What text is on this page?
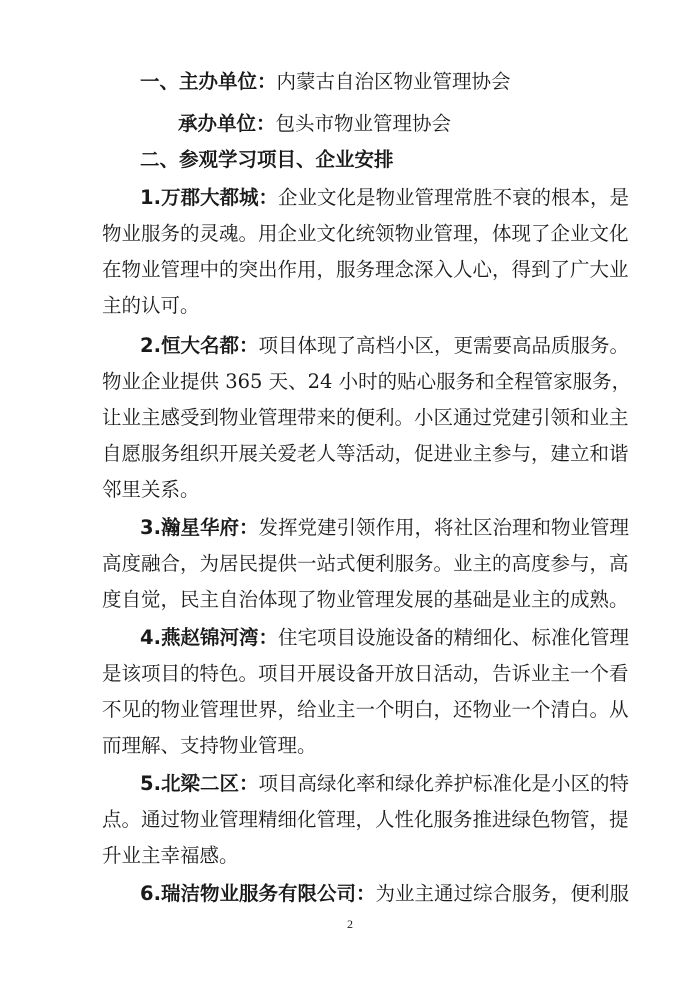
一、主办单位：内蒙古自治区物业管理协会
承办单位：包头市物业管理协会
二、参观学习项目、企业安排
1.万郡大都城：企业文化是物业管理常胜不衰的根本，是
物业服务的灵魂。用企业文化统领物业管理，体现了企业文化
在物业管理中的突出作用，服务理念深入人心，得到了广大业
主的认可。
2.恒大名都：项目体现了高档小区，更需要高品质服务。
物业企业提供 365 天、24 小时的贴心服务和全程管家服务，
让业主感受到物业管理带来的便利。小区通过党建引领和业主
自愿服务组织开展关爱老人等活动，促进业主参与，建立和谐
邻里关系。
3.瀚星华府：发挥党建引领作用，将社区治理和物业管理
高度融合，为居民提供一站式便利服务。业主的高度参与，高
度自觉，民主自治体现了物业管理发展的基础是业主的成熟。
4.燕赵锦河湾：住宅项目设施设备的精细化、标准化管理
是该项目的特色。项目开展设备开放日活动，告诉业主一个看
不见的物业管理世界，给业主一个明白，还物业一个清白。从
而理解、支持物业管理。
5.北梁二区：项目高绿化率和绿化养护标准化是小区的特
点。通过物业管理精细化管理，人性化服务推进绿色物管，提
升业主幸福感。
6.瑞洁物业服务有限公司：为业主通过综合服务，便利服
2
